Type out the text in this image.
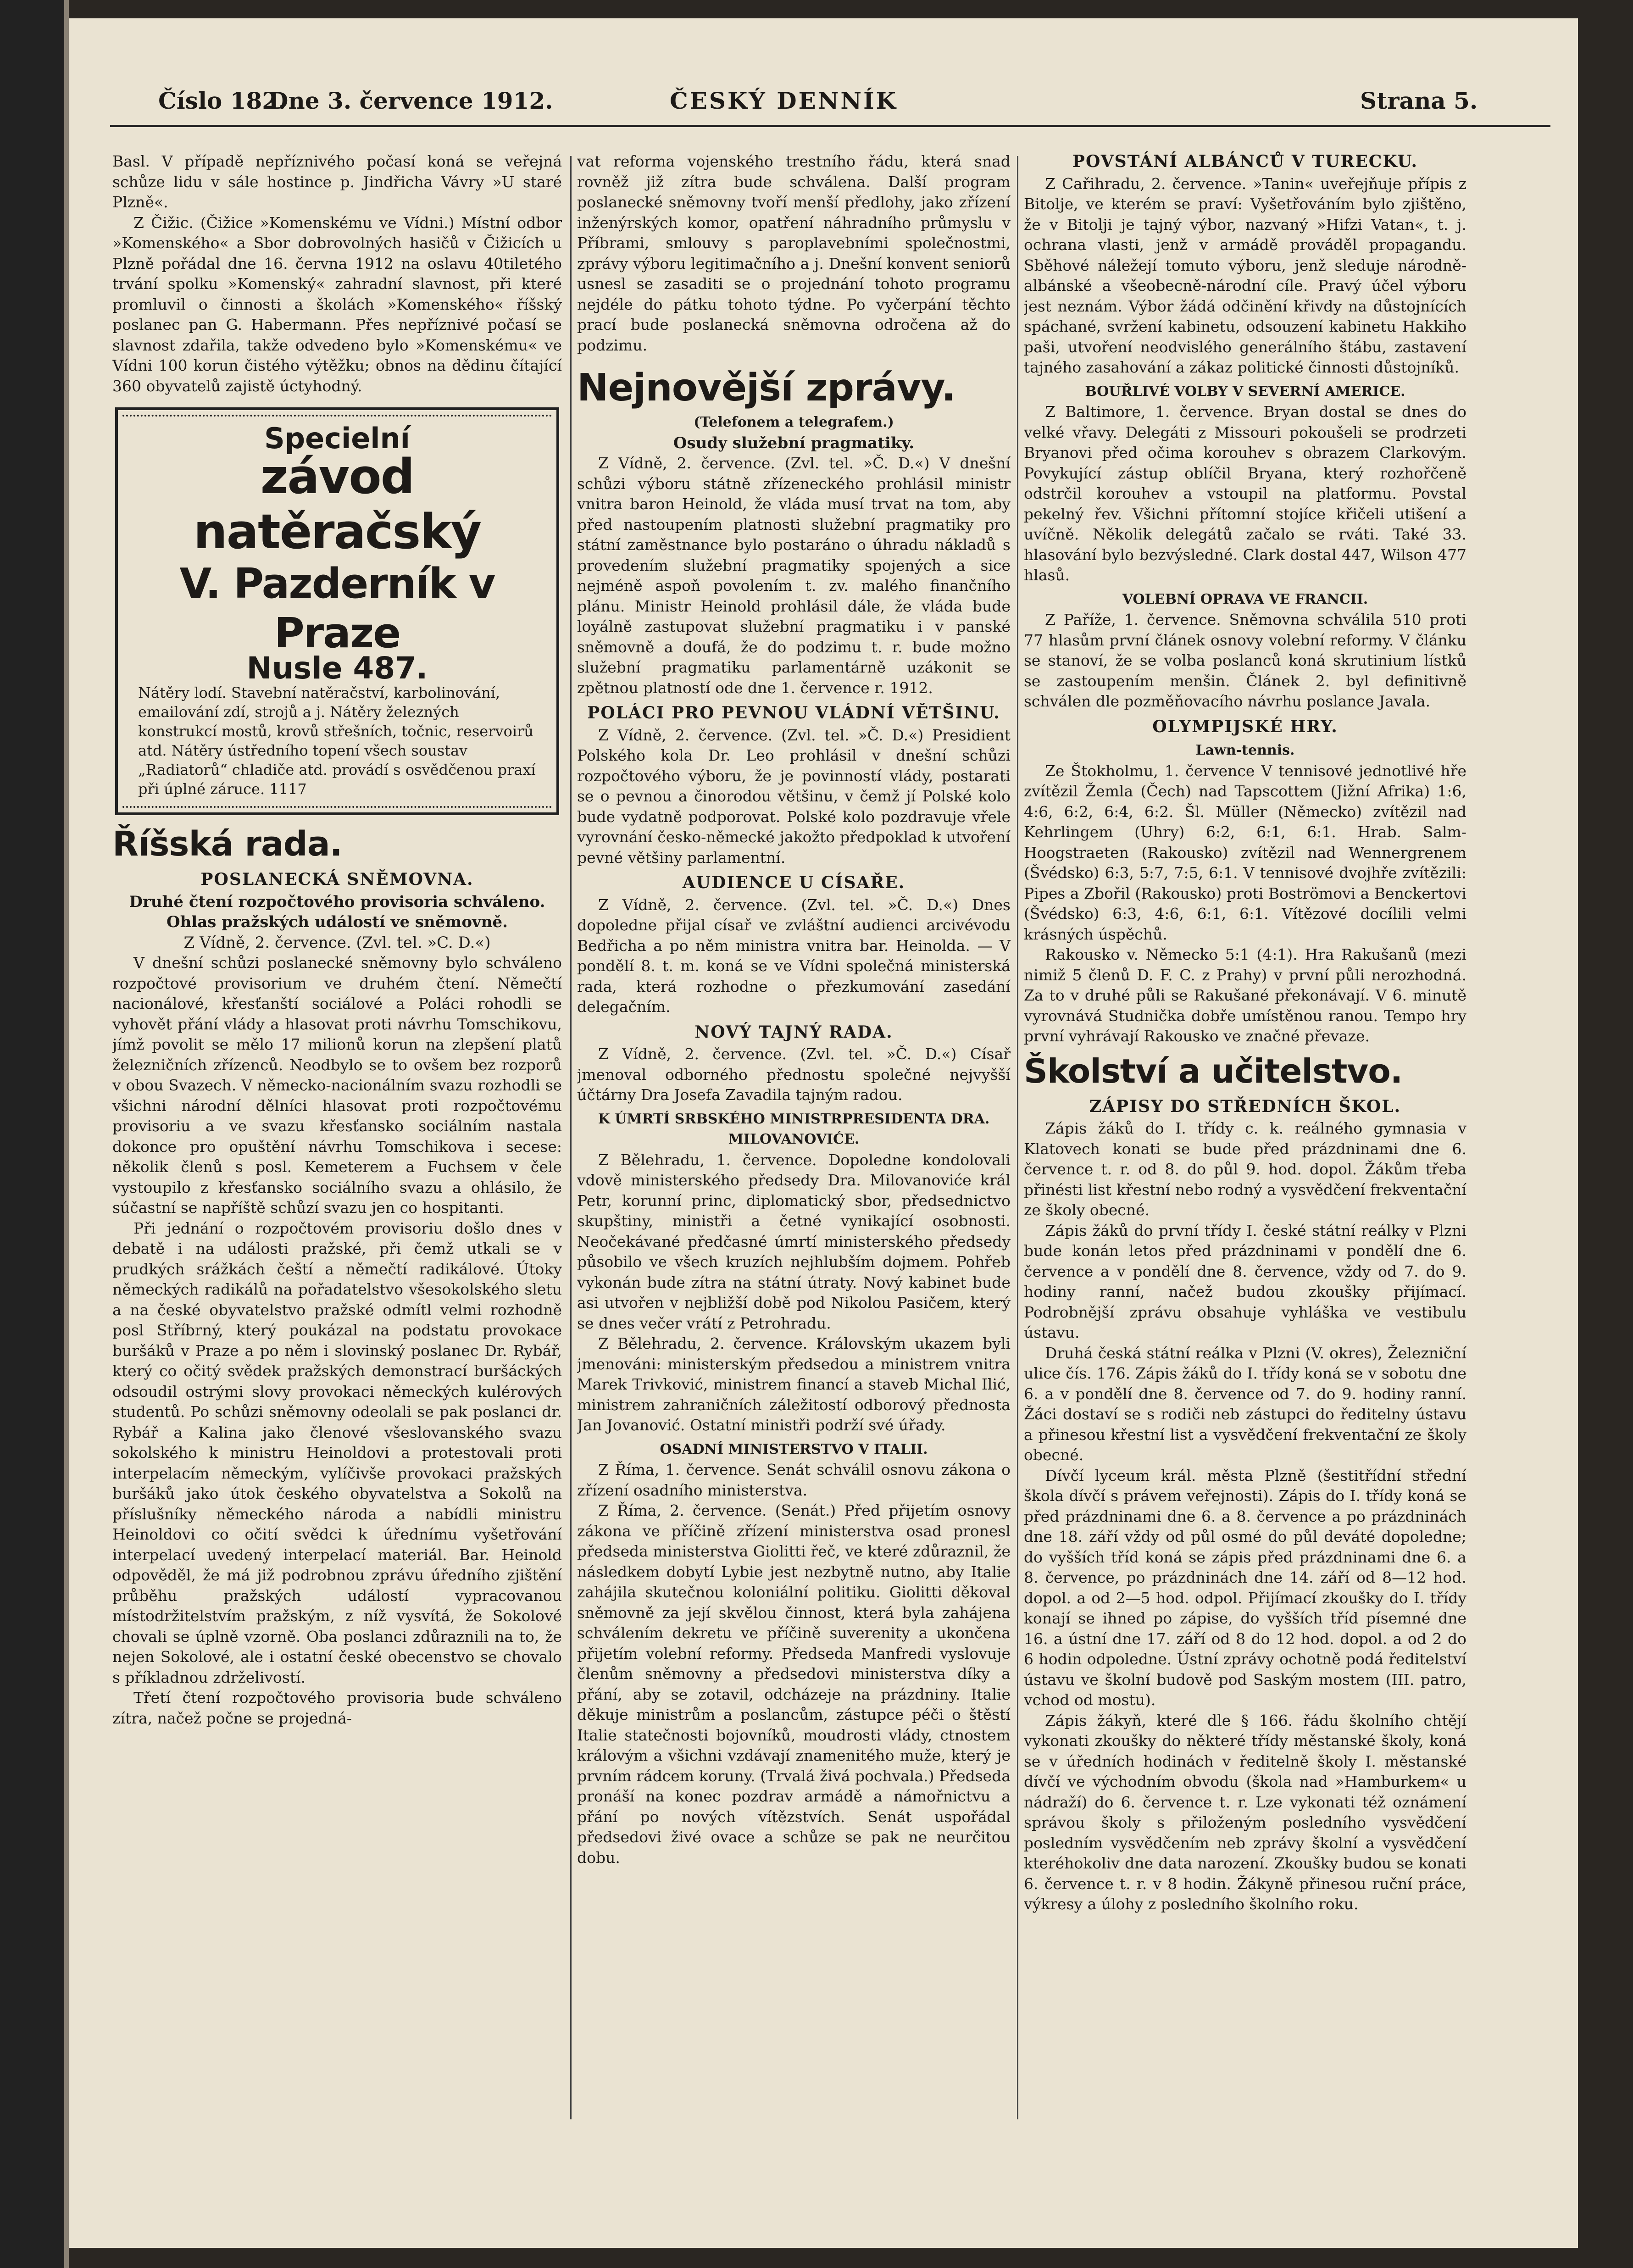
Číslo 182.
Dne 3. července 1912.	ČESKÝ DENNÍK	Strana 5.

Basl. V případě nepříznivého počasí koná se veřejná schůze lidu v sále hostince p. Jindřicha Vávry »U staré Plzně«.

Z Čižic. (Čižice »Komenskému ve Vídni.) Místní odbor »Komenského« a Sbor dobrovolných hasičů v Čižicích u Plzně pořádal dne 16. června 1912 na oslavu 40tiletého trvání spolku »Komenský« zahradní slavnost, při které promluvil o činnosti a školách »Komenského« říšský poslanec pan G. Habermann. Přes nepříznivé počasí se slavnost zdařila, takže odvedeno bylo »Komenskému« ve Vídni 100 korun čistého výtěžku; obnos na dědinu čítající 360 obyvatelů zajistě úctyhodný.

Specielní
závod natěračský
V. Pazderník v Praze
Nusle 487.
Nátěry lodí. Stavební natěračství, karbolinování, emailování zdí, strojů a j. Nátěry železných konstrukcí mostů, krovů střešních, točnic, reservoirů atd. Nátěry ústředního topení všech soustav „Radiatorů“ chladiče atd. provádí s osvědčenou praxí při úplné záruce. 1117
Říšská rada.
POSLANECKÁ SNĚMOVNA.
Druhé čtení rozpočtového provisoria schváleno. Ohlas pražských událostí ve sněmovně.
Z Vídně, 2. července. (Zvl. tel. »C. D.«)

V dnešní schůzi poslanecké sněmovny bylo schváleno rozpočtové provisorium ve druhém čtení. Němečtí nacionálové, křesťanští sociálové a Poláci rohodli se vyhovět přání vlády a hlasovat proti návrhu Tomschikovu, jímž povolit se mělo 17 milionů korun na zlepšení platů železničních zřízenců. Neodbylo se to ovšem bez rozporů v obou Svazech. V německo-nacionálním svazu rozhodli se všichni národní dělníci hlasovat proti rozpočtovému provisoriu a ve svazu křesťansko sociálním nastala dokonce pro opuštění návrhu Tomschikova i secese: několik členů s posl. Kemeterem a Fuchsem v čele vystoupilo z křesťansko sociálního svazu a ohlásilo, že súčastní se napříště schůzí svazu jen co hospitanti.

Při jednání o rozpočtovém provisoriu došlo dnes v debatě i na události pražské, při čemž utkali se v prudkých srážkách čeští a němečtí radikálové. Útoky německých radikálů na pořadatelstvo všesokolského sletu a na české obyvatelstvo pražské odmítl velmi rozhodně posl Stříbrný, který poukázal na podstatu provokace buršáků v Praze a po něm i slovinský poslanec Dr. Rybář, který co očitý svědek pražských demonstrací buršáckých odsoudil ostrými slovy provokaci německých kulérových studentů. Po schůzi sněmovny odeolali se pak poslanci dr. Rybář a Kalina jako členové všeslovanského svazu sokolského k ministru Heinoldovi a protestovali proti interpelacím německým, vylíčivše provokaci pražských buršáků jako útok českého obyvatelstva a Sokolů na příslušníky německého národa a nabídli ministru Heinoldovi co očití svědci k úřednímu vyšetřování interpelací uvedený interpelací materiál. Bar. Heinold odpověděl, že má již podrobnou zprávu úředního zjištění průběhu pražských událostí vypracovanou místodržitelstvím pražským, z níž vysvítá, že Sokolové chovali se úplně vzorně. Oba poslanci zdůraznili na to, že nejen Sokolové, ale i ostatní české obecenstvo se chovalo s příkladnou zdrželivostí.

Třetí čtení rozpočtového provisoria bude schváleno zítra, načež počne se projedná-

vat reforma vojenského trestního řádu, která snad rovněž již zítra bude schválena. Další program poslanecké sněmovny tvoří menší předlohy, jako zřízení inženýrských komor, opatření náhradního průmyslu v Příbrami, smlouvy s paroplavebními společnostmi, zprávy výboru legitimačního a j. Dnešní konvent seniorů usnesl se zasaditi se o projednání tohoto programu nejdéle do pátku tohoto týdne. Po vyčerpání těchto prací bude poslanecká sněmovna odročena až do podzimu.

Nejnovější zprávy.
(Telefonem a telegrafem.)
Osudy služební pragmatiky.

Z Vídně, 2. července. (Zvl. tel. »Č. D.«) V dnešní schůzi výboru státně zřízeneckého prohlásil ministr vnitra baron Heinold, že vláda musí trvat na tom, aby před nastoupením platnosti služební pragmatiky pro státní zaměstnance bylo postaráno o úhradu nákladů s provedením služební pragmatiky spojených a sice nejméně aspoň povolením t. zv. malého finančního plánu. Ministr Heinold prohlásil dále, že vláda bude loyálně zastupovat služební pragmatiku i v panské sněmovně a doufá, že do podzimu t. r. bude možno služební pragmatiku parlamentárně uzákonit se zpětnou platností ode dne 1. července r. 1912.

POLÁCI PRO PEVNOU VLÁDNÍ VĚTŠINU.

Z Vídně, 2. července. (Zvl. tel. »Č. D.«) Presidient Polského kola Dr. Leo prohlásil v dnešní schůzi rozpočtového výboru, že je povinností vlády, postarati se o pevnou a činorodou většinu, v čemž jí Polské kolo bude vydatně podporovat. Polské kolo pozdravuje vřele vyrovnání česko-německé jakožto předpoklad k utvoření pevné většiny parlamentní.

AUDIENCE U CÍSAŘE.

Z Vídně, 2. července. (Zvl. tel. »Č. D.«) Dnes dopoledne přijal císař ve zvláštní audienci arcivévodu Bedřicha a po něm ministra vnitra bar. Heinolda. — V pondělí 8. t. m. koná se ve Vídni společná ministerská rada, která rozhodne o přezkumování zasedání delegačním.

NOVÝ TAJNÝ RADA.

Z Vídně, 2. července. (Zvl. tel. »Č. D.«) Císař jmenoval odborného přednostu společné nejvyšší účtárny Dra Josefa Zavadila tajným radou.

K ÚMRTÍ SRBSKÉHO MINISTRPRESIDENTA DRA. MILOVANOVIĆE.

Z Bělehradu, 1. července. Dopoledne kondolovali vdově ministerského předsedy Dra. Milovanoviće král Petr, korunní princ, diplomatický sbor, předsednictvo skupštiny, ministři a četné vynikající osobnosti. Neočekávané předčasné úmrtí ministerského předsedy působilo ve všech kruzích nejhlubším dojmem. Pohřeb vykonán bude zítra na státní útraty. Nový kabinet bude asi utvořen v nejbližší době pod Nikolou Pasičem, který se dnes večer vrátí z Petrohradu.

Z Bělehradu, 2. července. Královským ukazem byli jmenováni: ministerským předsedou a ministrem vnitra Marek Trivković, ministrem financí a staveb Michal Ilić, ministrem zahraničních záležitostí odborový přednosta Jan Jovanović. Ostatní ministři podrží své úřady.

OSADNÍ MINISTERSTVO V ITALII.

Z Říma, 1. července. Senát schválil osnovu zákona o zřízení osadního ministerstva.

Z Říma, 2. července. (Senát.) Před přijetím osnovy zákona ve příčině zřízení ministerstva osad pronesl předseda ministerstva Giolitti řeč, ve které zdůraznil, že následkem dobytí Lybie jest nezbytně nutno, aby Italie zahájila skutečnou koloniální politiku. Giolitti děkoval sněmovně za její skvělou činnost, která byla zahájena schválením dekretu ve příčině suverenity a ukončena přijetím volební reformy. Předseda Manfredi vyslovuje členům sněmovny a předsedovi ministerstva díky a přání, aby se zotavil, odcházeje na prázdniny. Italie děkuje ministrům a poslancům, zástupce péči o štěstí Italie statečnosti bojovníků, moudrosti vlády, ctnostem královým a všichni vzdávají znamenitého muže, který je prvním rádcem koruny. (Trvalá živá pochvala.) Předseda pronáší na konec pozdrav armádě a námořnictvu a přání po nových vítězstvích. Senát uspořádal předsedovi živé ovace a schůze se pak ne neurčitou dobu.

POVSTÁNÍ ALBÁNCŮ V TURECKU.

Z Cařihradu, 2. července. »Tanin« uveřejňuje přípis z Bitolje, ve kterém se praví: Vyšetřováním bylo zjištěno, že v Bitolji je tajný výbor, nazvaný »Hifzi Vatan«, t. j. ochrana vlasti, jenž v armádě prováděl propagandu. Sběhové náležejí tomuto výboru, jenž sleduje národně-albánské a všeobecně-národní cíle. Pravý účel výboru jest neznám. Výbor žádá odčinění křivdy na důstojnících spáchané, svržení kabinetu, odsouzení kabinetu Hakkiho paši, utvoření neodvislého generálního štábu, zastavení tajného zasahování a zákaz politické činnosti důstojníků.

BOUŘLIVÉ VOLBY V SEVERNÍ AMERICE.

Z Baltimore, 1. července. Bryan dostal se dnes do velké vřavy. Delegáti z Missouri pokoušeli se prodrzeti Bryanovi před očima korouhev s obrazem Clarkovým. Povykující zástup oblíčil Bryana, který rozhořčeně odstrčil korouhev a vstoupil na platformu. Povstal pekelný řev. Všichni přítomní stojíce křičeli utišení a uvíčně. Několik delegátů začalo se rváti. Také 33. hlasování bylo bezvýsledné. Clark dostal 447, Wilson 477 hlasů.

VOLEBNÍ OPRAVA VE FRANCII.

Z Paříže, 1. července. Sněmovna schválila 510 proti 77 hlasům první článek osnovy volební reformy. V článku se stanoví, že se volba poslanců koná skrutinium lístků se zastoupením menšin. Článek 2. byl definitivně schválen dle pozměňovacího návrhu poslance Javala.

OLYMPIJSKÉ HRY.
Lawn-tennis.

Ze Štokholmu, 1. července V tennisové jednotlivé hře zvítězil Žemla (Čech) nad Tapscottem (Jižní Afrika) 1:6, 4:6, 6:2, 6:4, 6:2. Šl. Müller (Německo) zvítězil nad Kehrlingem (Uhry) 6:2, 6:1, 6:1. Hrab. Salm-Hoogstraeten (Rakousko) zvítězil nad Wennergrenem (Švédsko) 6:3, 5:7, 7:5, 6:1. V tennisové dvojhře zvítězili: Pipes a Zbořil (Rakousko) proti Boströmovi a Benckertovi (Švédsko) 6:3, 4:6, 6:1, 6:1. Vítězové docílili velmi krásných úspěchů.

Rakousko v. Německo 5:1 (4:1). Hra Rakušanů (mezi nimiž 5 členů D. F. C. z Prahy) v první půli nerozhodná. Za to v druhé půli se Rakušané překonávají. V 6. minutě vyrovnává Studnička dobře umístěnou ranou. Tempo hry první vyhrávají Rakousko ve značné převaze.

Školství a učitelstvo.
ZÁPISY DO STŘEDNÍCH ŠKOL.

Zápis žáků do I. třídy c. k. reálného gymnasia v Klatovech konati se bude před prázdninami dne 6. července t. r. od 8. do půl 9. hod. dopol. Žákům třeba přinésti list křestní nebo rodný a vysvědčení frekventační ze školy obecné.

Zápis žáků do první třídy I. české státní reálky v Plzni bude konán letos před prázdninami v pondělí dne 6. července a v pondělí dne 8. července, vždy od 7. do 9. hodiny ranní, načež budou zkoušky přijímací. Podrobnější zprávu obsahuje vyhláška ve vestibulu ústavu.

Druhá česká státní reálka v Plzni (V. okres), Železniční ulice čís. 176. Zápis žáků do I. třídy koná se v sobotu dne 6. a v pondělí dne 8. července od 7. do 9. hodiny ranní. Žáci dostaví se s rodiči neb zástupci do ředitelny ústavu a přinesou křestní list a vysvědčení frekventační ze školy obecné.

Dívčí lyceum král. města Plzně (šestitřídní střední škola dívčí s právem veřejnosti). Zápis do I. třídy koná se před prázdninami dne 6. a 8. července a po prázdninách dne 18. září vždy od půl osmé do půl deváté dopoledne; do vyšších tříd koná se zápis před prázdninami dne 6. a 8. července, po prázdninách dne 14. září od 8—12 hod. dopol. a od 2—5 hod. odpol. Přijímací zkoušky do I. třídy konají se ihned po zápise, do vyšších tříd písemné dne 16. a ústní dne 17. září od 8 do 12 hod. dopol. a od 2 do 6 hodin odpoledne. Ústní zprávy ochotně podá ředitelství ústavu ve školní budově pod Saským mostem (III. patro, vchod od mostu).

Zápis žákyň, které dle § 166. řádu školního chtějí vykonati zkoušky do některé třídy městanské školy, koná se v úředních hodinách v ředitelně školy I. městanské dívčí ve východním obvodu (škola nad »Hamburkem« u nádraží) do 6. července t. r. Lze vykonati též oznámení správou školy s přiloženým posledního vysvědčení posledním vysvědčením neb zprávy školní a vysvědčení kteréhokoliv dne data narození. Zkoušky budou se konati 6. července t. r. v 8 hodin. Žákyně přinesou ruční práce, výkresy a úlohy z posledního školního roku.
